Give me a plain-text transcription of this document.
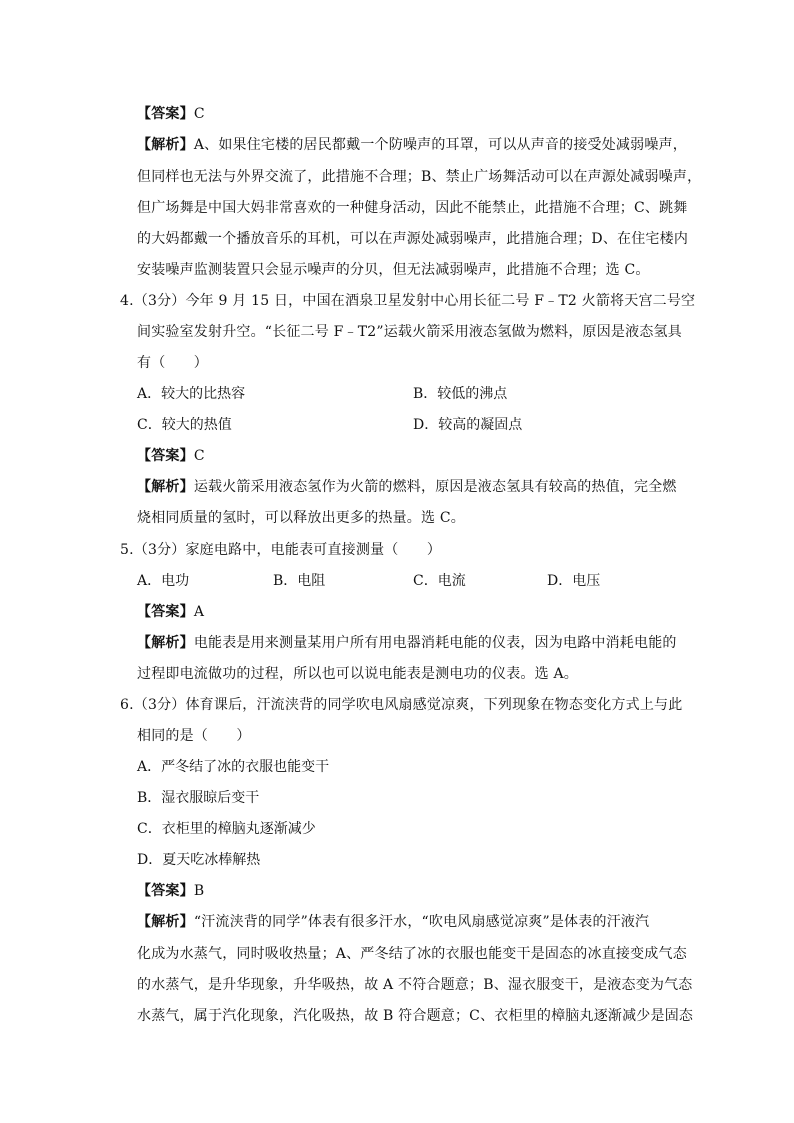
【答案】C
【解析】A、如果住宅楼的居民都戴一个防噪声的耳罩，可以从声音的接受处减弱噪声，
但同样也无法与外界交流了，此措施不合理；B、禁止广场舞活动可以在声源处减弱噪声，
但广场舞是中国大妈非常喜欢的一种健身活动，因此不能禁止，此措施不合理；C、跳舞
的大妈都戴一个播放音乐的耳机，可以在声源处减弱噪声，此措施合理；D、在住宅楼内
安装噪声监测装置只会显示噪声的分贝，但无法减弱噪声，此措施不合理；选 C。
4.（3分）今年 9 月 15 日，中国在酒泉卫星发射中心用长征二号 F﹣T2 火箭将天宫二号空
间实验室发射升空。“长征二号 F﹣T2”运载火箭采用液态氢做为燃料，原因是液态氢具
有（　　）
A．较大的比热容	B．较低的沸点
C．较大的热值	D．较高的凝固点
【答案】C
【解析】运载火箭采用液态氢作为火箭的燃料，原因是液态氢具有较高的热值，完全燃
烧相同质量的氢时，可以释放出更多的热量。选 C。
5.（3分）家庭电路中，电能表可直接测量（　　）
A．电功	B．电阻	C．电流	D．电压
【答案】A
【解析】电能表是用来测量某用户所有用电器消耗电能的仪表，因为电路中消耗电能的
过程即电流做功的过程，所以也可以说电能表是测电功的仪表。选 A。
6.（3分）体育课后，汗流浃背的同学吹电风扇感觉凉爽，下列现象在物态变化方式上与此
相同的是（　　）
A．严冬结了冰的衣服也能变干
B．湿衣服晾后变干
C．衣柜里的樟脑丸逐渐减少
D．夏天吃冰棒解热
【答案】B
【解析】“汗流浃背的同学”体表有很多汗水，“吹电风扇感觉凉爽”是体表的汗液汽
化成为水蒸气，同时吸收热量；A、严冬结了冰的衣服也能变干是固态的冰直接变成气态
的水蒸气，是升华现象，升华吸热，故 A 不符合题意；B、湿衣服变干，是液态变为气态
水蒸气，属于汽化现象，汽化吸热，故 B 符合题意；C、衣柜里的樟脑丸逐渐减少是固态
